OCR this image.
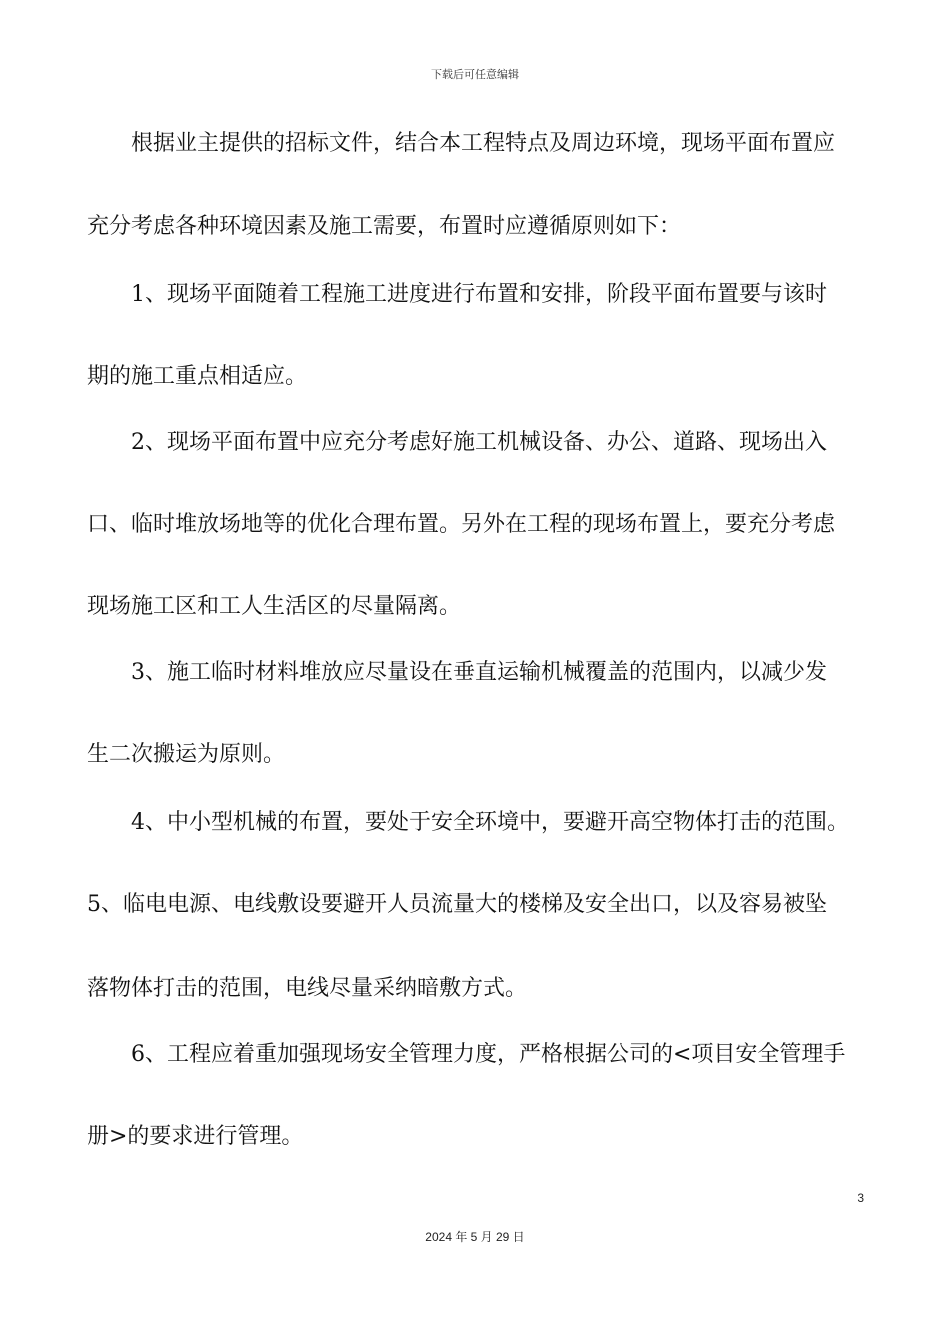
下载后可任意编辑
根据业主提供的招标文件，结合本工程特点及周边环境，现场平面布置应
充分考虑各种环境因素及施工需要，布置时应遵循原则如下：
1、现场平面随着工程施工进度进行布置和安排，阶段平面布置要与该时
期的施工重点相适应。
2、现场平面布置中应充分考虑好施工机械设备、办公、道路、现场出入
口、临时堆放场地等的优化合理布置。另外在工程的现场布置上，要充分考虑
现场施工区和工人生活区的尽量隔离。
3、施工临时材料堆放应尽量设在垂直运输机械覆盖的范围内，以减少发
生二次搬运为原则。
4、中小型机械的布置，要处于安全环境中，要避开高空物体打击的范围。
5、临电电源、电线敷设要避开人员流量大的楼梯及安全出口，以及容易被坠
落物体打击的范围，电线尽量采纳暗敷方式。
6、工程应着重加强现场安全管理力度，严格根据公司的<项目安全管理手
册>的要求进行管理。
3
2024 年 5 月 29 日
